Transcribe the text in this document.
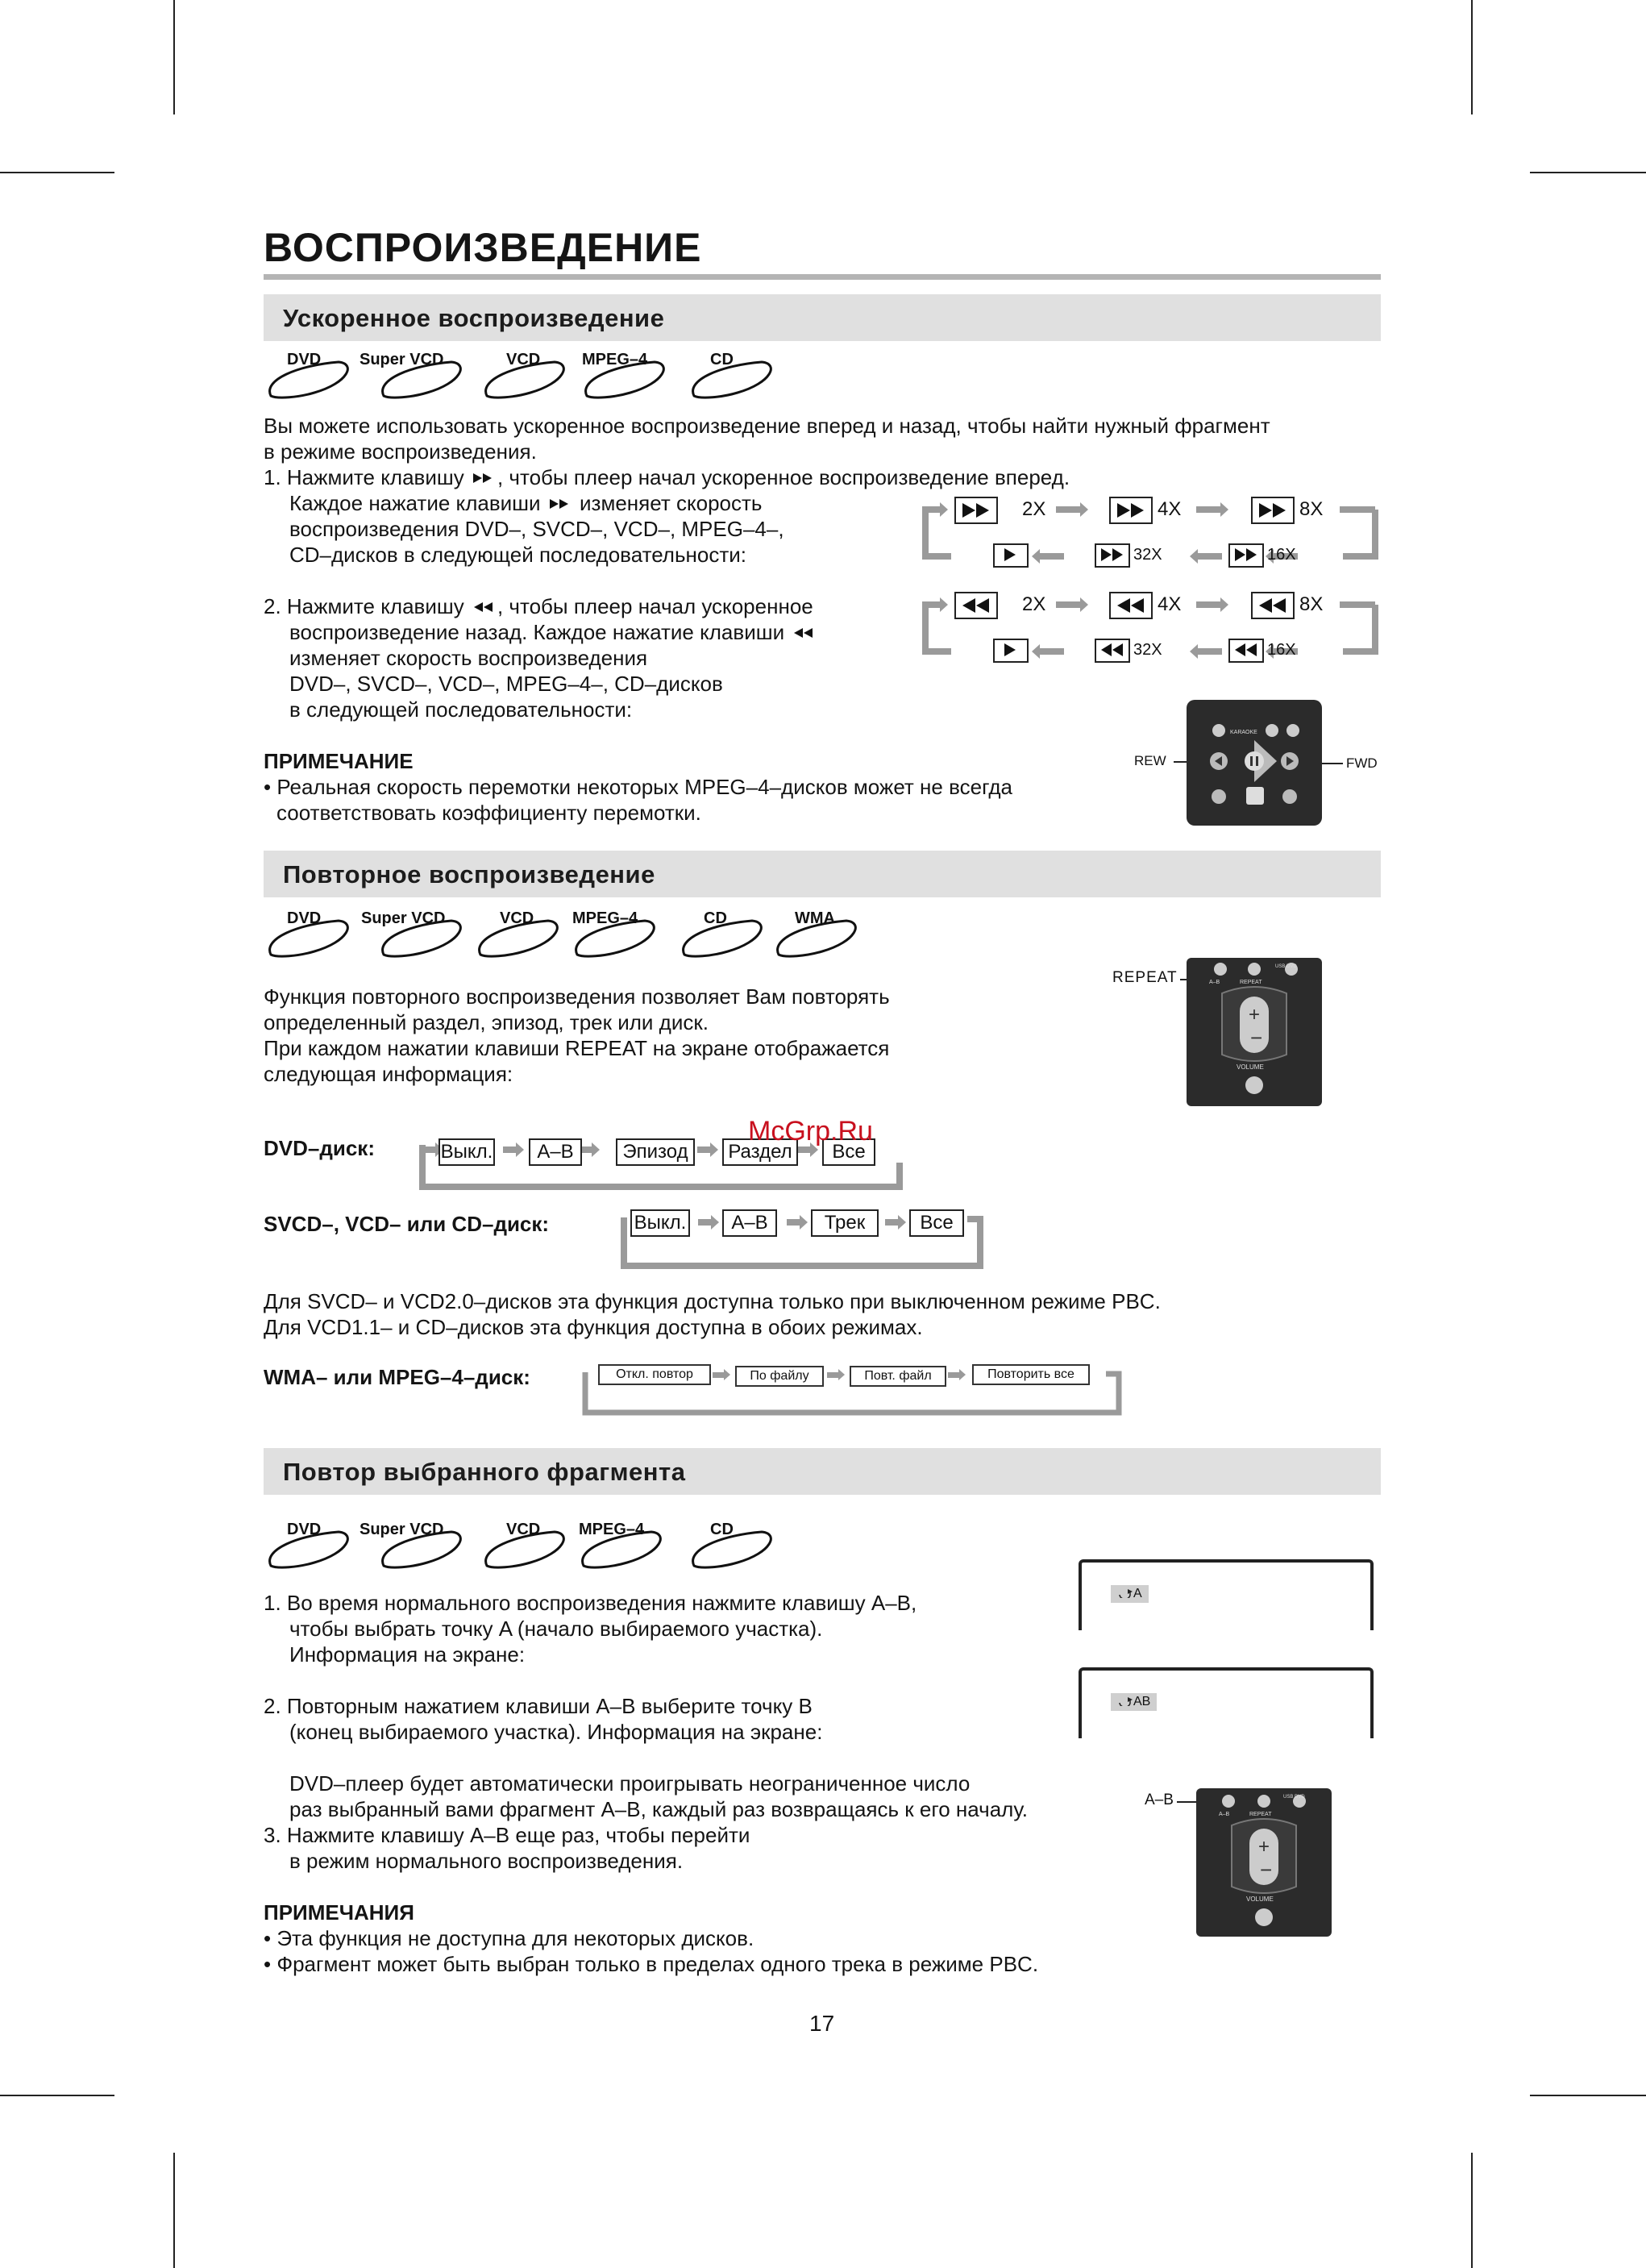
ВОСПРОИЗВЕДЕНИЕ
Ускоренное воспроизведение
DVD Super VCD	VCD	MPEG–4	CD
Вы можете использовать ускоренное воспроизведение вперед и назад, чтобы найти нужный фрагмент
в режиме воспроизведения.
1. Нажмите клавишу , чтобы плеер начал ускоренное воспроизведение вперед.
Каждое нажатие клавиши изменяет скорость
воспроизведения DVD–, SVCD–, VCD–, MPEG–4–,
CD–дисков в следующей последовательности:
2. Нажмите клавишу , чтобы плеер начал ускоренное
воспроизведение назад. Каждое нажатие клавиши
изменяет скорость воспроизведения
DVD–, SVCD–, VCD–, MPEG–4–, CD–дисков
в следующей последовательности:
ПРИМЕЧАНИЕ
• Реальная скорость перемотки некоторых MPEG–4–дисков может не всегда
соответствовать коэффициенту перемотки.
2X	4X	8X
32X	16X
2X	4X	8X
32X	16X
REW	FWD
KARAOKE
Повторное воспроизведение
DVD Super VCD	VCD MPEG–4	CD	WMA
Функция повторного воспроизведения позволяет Вам повторять
определенный раздел, эпизод, трек или диск.
При каждом нажатии клавиши REPEAT на экране отображается
следующая информация:
REPEAT	A–B	REPEAT
USB DVD
+
−
VOLUME
DVD–диск:	Выкл.	A–B	Эпизод	Раздел	Все
SVCD–, VCD– или CD–диск:	Выкл.	A–B	Трек	Все
Для SVCD– и VCD2.0–дисков эта функция доступна только при выключенном режиме PBC.
Для VCD1.1– и CD–дисков эта функция доступна в обоих режимах.
WMA– или MPEG–4–диск:	Откл. повтор	По файлу	Повт. файл	Повторить все
Повтор выбранного фрагмента
DVD Super VCD	VCD MPEG–4	CD
1. Во время нормального воспроизведения нажмите клавишу A–B,
чтобы выбрать точку A (начало выбираемого участка).
Информация на экране:
2. Повторным нажатием клавиши A–B выберите точку B
(конец выбираемого участка). Информация на экране:
DVD–плеер будет автоматически проигрывать неограниченное число
раз выбранный вами фрагмент A–B, каждый раз возвращаясь к его началу.
3. Нажмите клавишу A–B еще раз, чтобы перейти
в режим нормального воспроизведения.
ПРИМЕЧАНИЯ
• Эта функция не доступна для некоторых дисков.
• Фрагмент может быть выбран только в пределах одного трека в режиме PBC.
A
AB
A–B
A–B	REPEAT
USB DVD
+
−
VOLUME
McGrp.Ru
17
